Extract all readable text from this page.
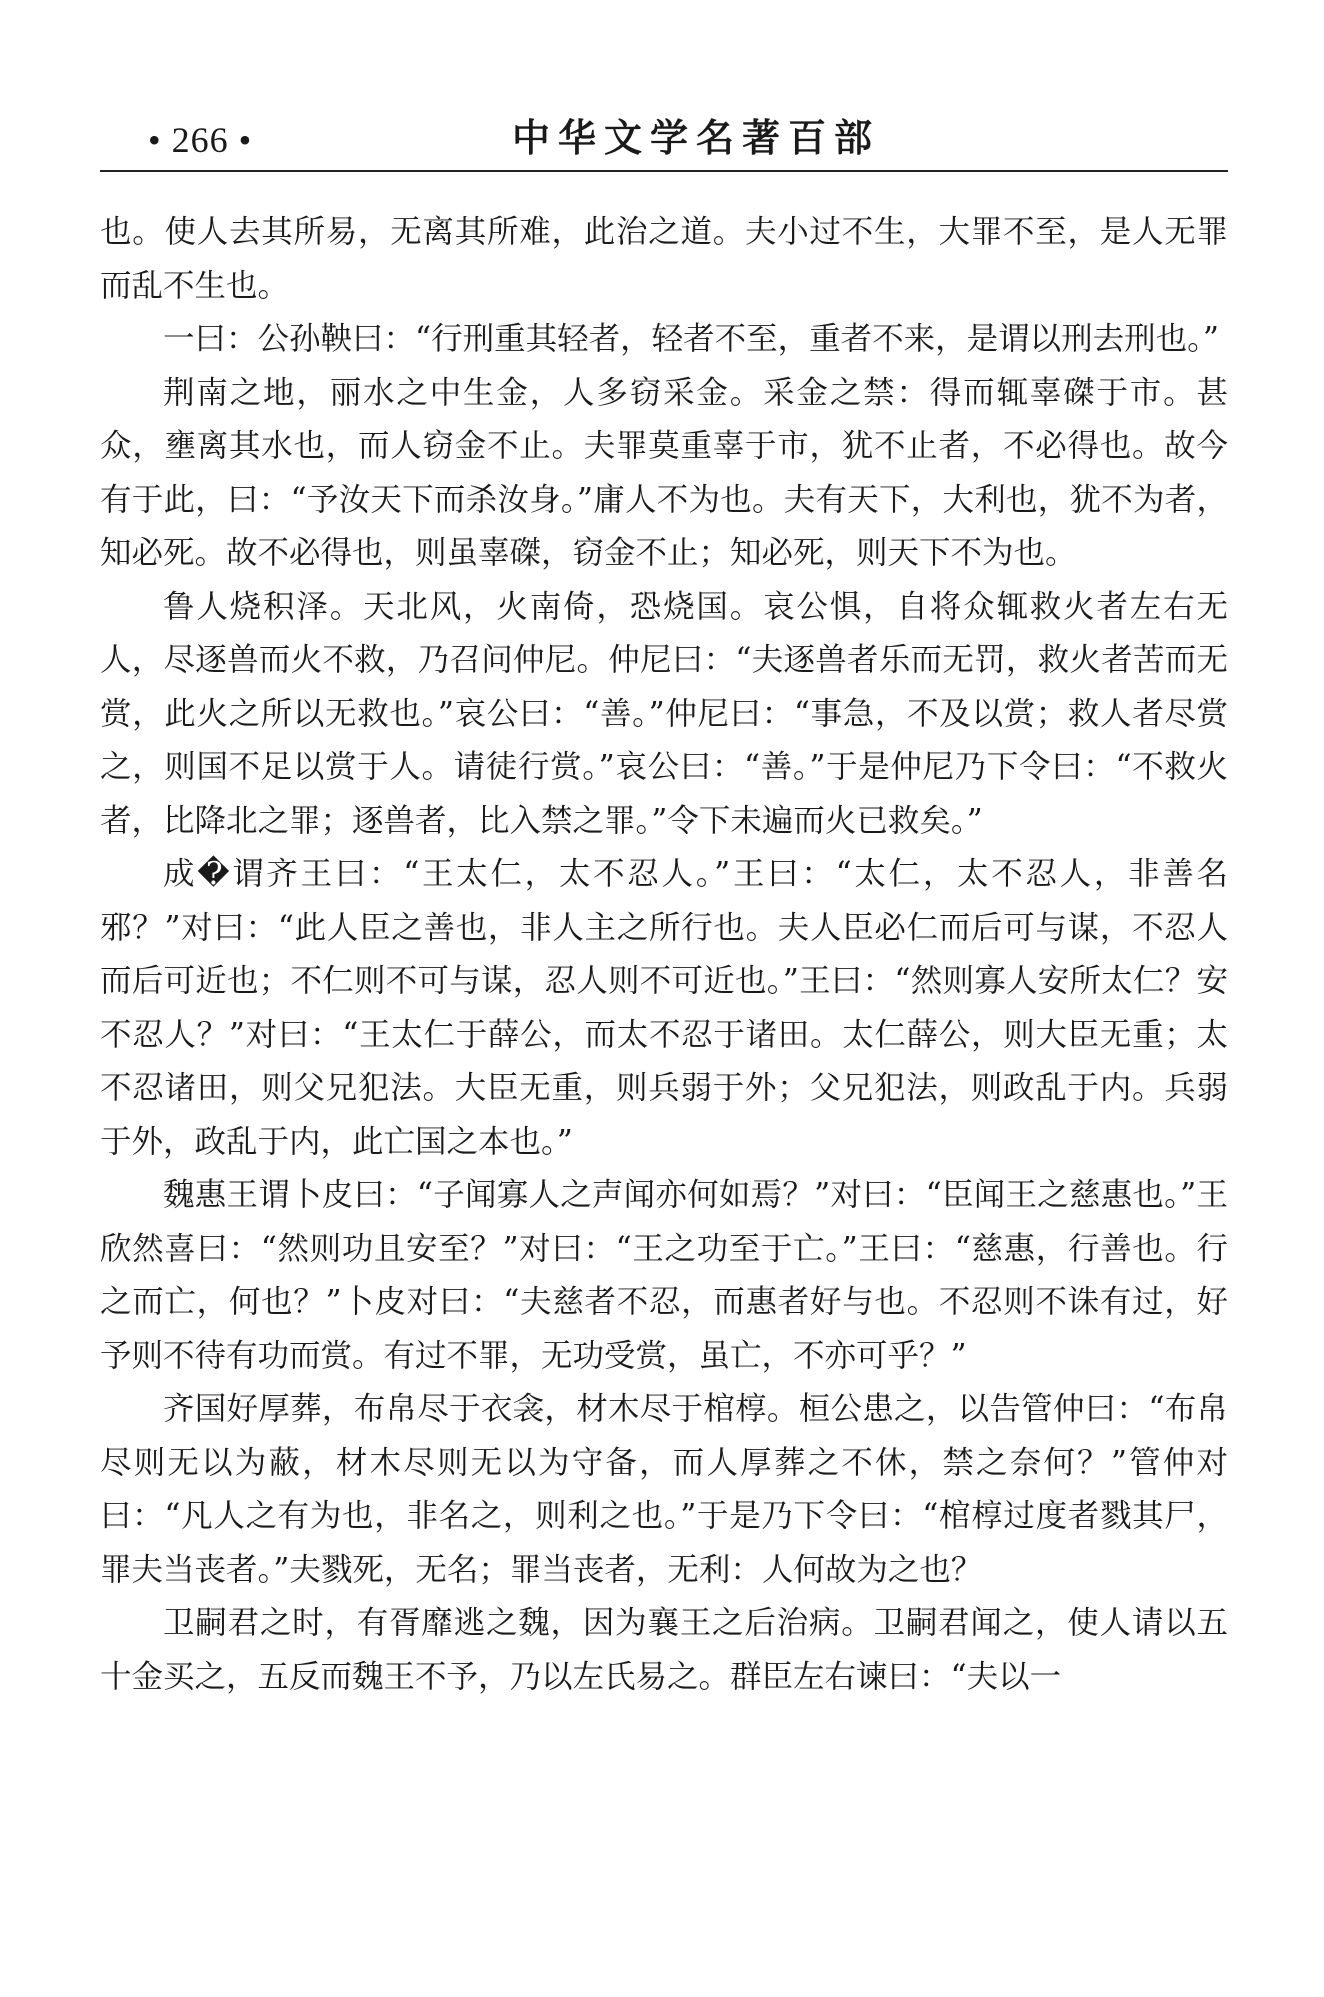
• 266 •	中华文学名著百部

也。使人去其所易，无离其所难，此治之道。夫小过不生，大罪不至，是人无罪而乱不生也。

一曰：公孙鞅曰：“行刑重其轻者，轻者不至，重者不来，是谓以刑去刑也。”

荆南之地，丽水之中生金，人多窃采金。采金之禁：得而辄辜磔于市。甚众，壅离其水也，而人窃金不止。夫罪莫重辜于市，犹不止者，不必得也。故今有于此，曰：“予汝天下而杀汝身。”庸人不为也。夫有天下，大利也，犹不为者，知必死。故不必得也，则虽辜磔，窃金不止；知必死，则天下不为也。

鲁人烧积泽。天北风，火南倚，恐烧国。哀公惧，自将众辄救火者左右无人，尽逐兽而火不救，乃召问仲尼。仲尼曰：“夫逐兽者乐而无罚，救火者苦而无赏，此火之所以无救也。”哀公曰：“善。”仲尼曰：“事急，不及以赏；救人者尽赏之，则国不足以赏于人。请徒行赏。”哀公曰：“善。”于是仲尼乃下令曰：“不救火者，比降北之罪；逐兽者，比入禁之罪。”令下未遍而火已救矣。”

成�谓齐王曰：“王太仁，太不忍人。”王曰：“太仁，太不忍人，非善名邪？”对曰：“此人臣之善也，非人主之所行也。夫人臣必仁而后可与谋，不忍人而后可近也；不仁则不可与谋，忍人则不可近也。”王曰：“然则寡人安所太仁？安不忍人？”对曰：“王太仁于薛公，而太不忍于诸田。太仁薛公，则大臣无重；太不忍诸田，则父兄犯法。大臣无重，则兵弱于外；父兄犯法，则政乱于内。兵弱于外，政乱于内，此亡国之本也。”

魏惠王谓卜皮曰：“子闻寡人之声闻亦何如焉？”对曰：“臣闻王之慈惠也。”王欣然喜曰：“然则功且安至？”对曰：“王之功至于亡。”王曰：“慈惠，行善也。行之而亡，何也？”卜皮对曰：“夫慈者不忍，而惠者好与也。不忍则不诛有过，好予则不待有功而赏。有过不罪，无功受赏，虽亡，不亦可乎？”

齐国好厚葬，布帛尽于衣衾，材木尽于棺椁。桓公患之，以告管仲曰：“布帛尽则无以为蔽，材木尽则无以为守备，而人厚葬之不休，禁之奈何？”管仲对曰：“凡人之有为也，非名之，则利之也。”于是乃下令曰：“棺椁过度者戮其尸，罪夫当丧者。”夫戮死，无名；罪当丧者，无利：人何故为之也？

卫嗣君之时，有胥靡逃之魏，因为襄王之后治病。卫嗣君闻之，使人请以五十金买之，五反而魏王不予，乃以左氏易之。群臣左右谏曰：“夫以一
